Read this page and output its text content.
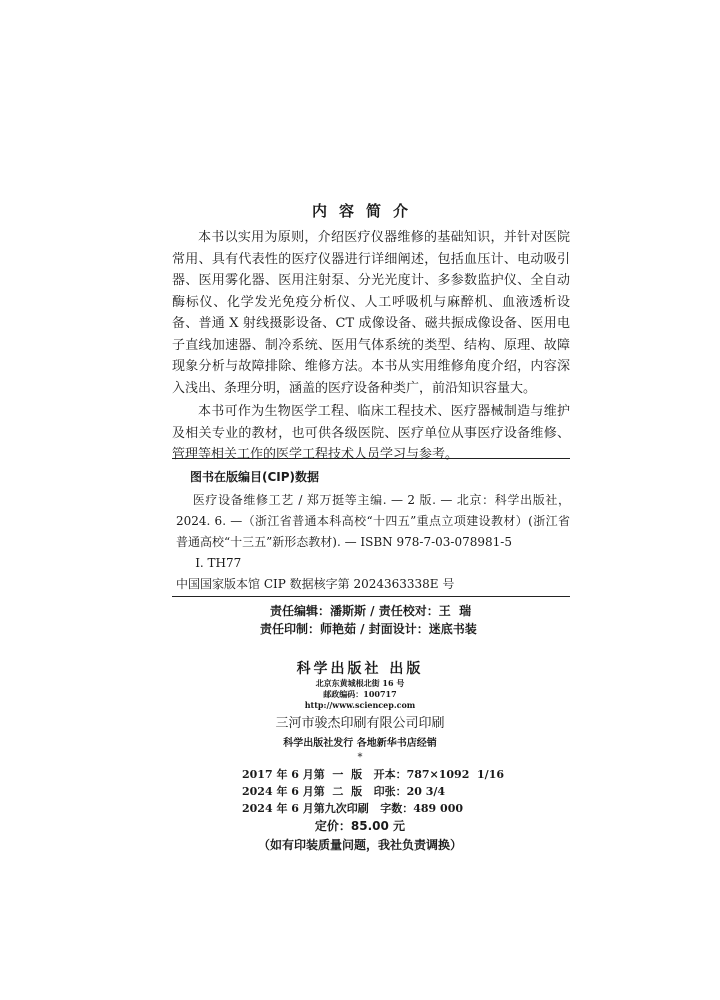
内容简介

本书以实用为原则，介绍医疗仪器维修的基础知识，并针对医院常用、具有代表性的医疗仪器进行详细阐述，包括血压计、电动吸引器、医用雾化器、医用注射泵、分光光度计、多参数监护仪、全自动酶标仪、化学发光免疫分析仪、人工呼吸机与麻醉机、血液透析设备、普通 X 射线摄影设备、CT 成像设备、磁共振成像设备、医用电子直线加速器、制冷系统、医用气体系统的类型、结构、原理、故障现象分析与故障排除、维修方法。本书从实用维修角度介绍，内容深入浅出、条理分明，涵盖的医疗设备种类广，前沿知识容量大。

本书可作为生物医学工程、临床工程技术、医疗器械制造与维护及相关专业的教材，也可供各级医院、医疗单位从事医疗设备维修、管理等相关工作的医学工程技术人员学习与参考。

图书在版编目(CIP)数据

医疗设备维修工艺 / 郑万挺等主编. — 2 版. — 北京：科学出版社，2024. 6. —（浙江省普通本科高校“十四五”重点立项建设教材）(浙江省普通高校“十三五”新形态教材). — ISBN 978-7-03-078981-5

Ⅰ. TH77

中国国家版本馆 CIP 数据核字第 2024363338E 号

责任编辑：潘斯斯 / 责任校对：王  瑞
责任印制：师艳茹 / 封面设计：迷底书装
科学出版社 出版
北京东黄城根北街 16 号
邮政编码：100717
http://www.sciencep.com
三河市骏杰印刷有限公司印刷
科学出版社发行 各地新华书店经销
*
2017 年 6 月第  一  版   开本：787×1092  1/16
2024 年 6 月第  二  版   印张：20 3/4
2024 年 6 月第九次印刷   字数：489 000
定价：85.00 元
（如有印装质量问题，我社负责调换）
